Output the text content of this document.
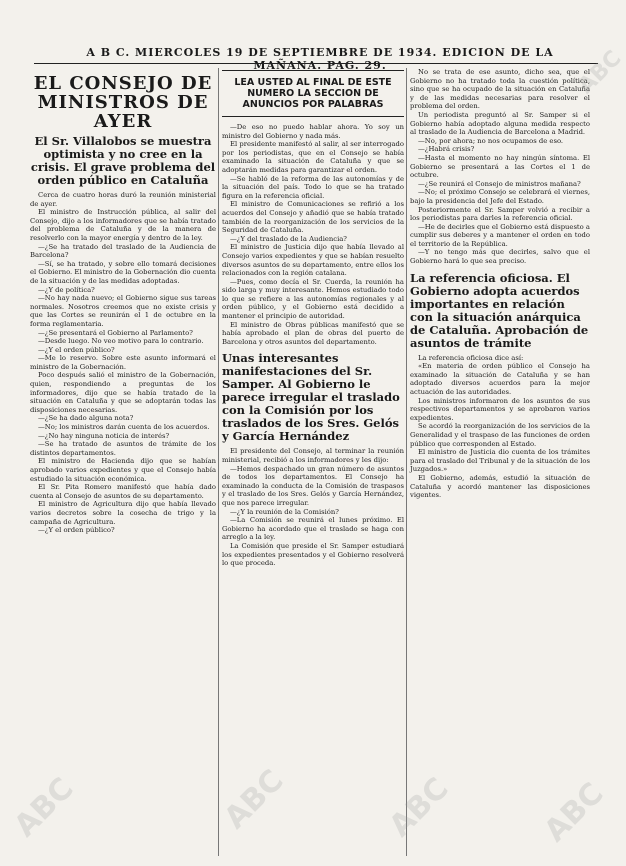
A B C. MIERCOLES 19 DE SEPTIEMBRE DE 1934. EDICION DE LA MAÑANA. PAG. 29.
EL CONSEJO DE MINISTROS DE AYER
El Sr. Villalobos se muestra optimista y no cree en la crisis. El grave problema del orden público en Cataluña

Cerca de cuatro horas duró la reunión ministerial de ayer.

El ministro de Instrucción pública, al salir del Consejo, dijo a los informadores que se había tratado del problema de Cataluña y de la manera de resolverlo con la mayor energía y dentro de la ley.

—¿Se ha tratado del traslado de la Audiencia de Barcelona?

—Sí, se ha tratado, y sobre ello tomará decisiones el Gobierno. El ministro de la Gobernación dio cuenta de la situación y de las medidas adoptadas.

—¿Y de política?

—No hay nada nuevo; el Gobierno sigue sus tareas normales. Nosotros creemos que no existe crisis y que las Cortes se reunirán el 1 de octubre en la forma reglamentaria.

—¿Se presentará el Gobierno al Parlamento?

—Desde luego. No veo motivo para lo contrario.

—¿Y el orden público?

—Me lo reservo. Sobre este asunto informará el ministro de la Gobernación.

Poco después salió el ministro de la Gobernación, quien, respondiendo a preguntas de los informadores, dijo que se había tratado de la situación en Cataluña y que se adoptarán todas las disposiciones necesarias.

—¿Se ha dado alguna nota?

—No; los ministros darán cuenta de los acuerdos.

—¿No hay ninguna noticia de interés?

—Se ha tratado de asuntos de trámite de los distintos departamentos.

El ministro de Hacienda dijo que se habían aprobado varios expedientes y que el Consejo había estudiado la situación económica.

El Sr. Pita Romero manifestó que había dado cuenta al Consejo de asuntos de su departamento.

El ministro de Agricultura dijo que había llevado varios decretos sobre la cosecha de trigo y la campaña de Agricultura.

—¿Y el orden público?

LEA USTED AL FINAL DE ESTE NUMERO LA SECCION DE ANUNCIOS POR PALABRAS

—De eso no puedo hablar ahora. Yo soy un ministro del Gobierno y nada más.

El presidente manifestó al salir, al ser interrogado por los periodistas, que en el Consejo se había examinado la situación de Cataluña y que se adoptarán medidas para garantizar el orden.

—Se habló de la reforma de las autonomías y de la situación del país. Todo lo que se ha tratado figura en la referencia oficial.

El ministro de Comunicaciones se refirió a los acuerdos del Consejo y añadió que se había tratado también de la reorganización de los servicios de la Seguridad de Cataluña.

—¿Y del traslado de la Audiencia?

El ministro de Justicia dijo que había llevado al Consejo varios expedientes y que se habían resuelto diversos asuntos de su departamento, entre ellos los relacionados con la región catalana.

—Pues, como decía el Sr. Cuerda, la reunión ha sido larga y muy interesante. Hemos estudiado todo lo que se refiere a las autonomías regionales y al orden público, y el Gobierno está decidido a mantener el principio de autoridad.

El ministro de Obras públicas manifestó que se había aprobado el plan de obras del puerto de Barcelona y otros asuntos del departamento.

Unas interesantes manifestaciones del Sr. Samper. Al Gobierno le parece irregular el traslado con la Comisión por los traslados de los Sres. Gelós y García Hernández

El presidente del Consejo, al terminar la reunión ministerial, recibió a los informadores y les dijo:

—Hemos despachado un gran número de asuntos de todos los departamentos. El Consejo ha examinado la conducta de la Comisión de traspasos y el traslado de los Sres. Gelós y García Hernández, que nos parece irregular.

—¿Y la reunión de la Comisión?

—La Comisión se reunirá el lunes próximo. El Gobierno ha acordado que el traslado se haga con arreglo a la ley.

La Comisión que preside el Sr. Samper estudiará los expedientes presentados y el Gobierno resolverá lo que proceda.

No se trata de ese asunto, dicho sea, que el Gobierno no ha tratado toda la cuestión política, sino que se ha ocupado de la situación en Cataluña y de las medidas necesarias para resolver el problema del orden.

Un periodista preguntó al Sr. Samper si el Gobierno había adoptado alguna medida respecto al traslado de la Audiencia de Barcelona a Madrid.

—No, por ahora; no nos ocupamos de eso.

—¿Habrá crisis?

—Hasta el momento no hay ningún síntoma. El Gobierno se presentará a las Cortes el 1 de octubre.

—¿Se reunirá el Consejo de ministros mañana?

—No; el próximo Consejo se celebrará el viernes, bajo la presidencia del Jefe del Estado.

Posteriormente el Sr. Samper volvió a recibir a los periodistas para darles la referencia oficial.

—He de decirles que el Gobierno está dispuesto a cumplir sus deberes y a mantener el orden en todo el territorio de la República.

—Y no tengo más que decirles, salvo que el Gobierno hará lo que sea preciso.

La referencia oficiosa. El Gobierno adopta acuerdos importantes en relación con la situación anárquica de Cataluña. Aprobación de asuntos de trámite

La referencia oficiosa dice así:

«En materia de orden público el Consejo ha examinado la situación de Cataluña y se han adoptado diversos acuerdos para la mejor actuación de las autoridades.

Los ministros informaron de los asuntos de sus respectivos departamentos y se aprobaron varios expedientes.

Se acordó la reorganización de los servicios de la Generalidad y el traspaso de las funciones de orden público que corresponden al Estado.

El ministro de Justicia dio cuenta de los trámites para el traslado del Tribunal y de la situación de los Juzgados.»

El Gobierno, además, estudió la situación de Cataluña y acordó mantener las disposiciones vigentes.

ABC	ABC	ABC	ABC
ABC
